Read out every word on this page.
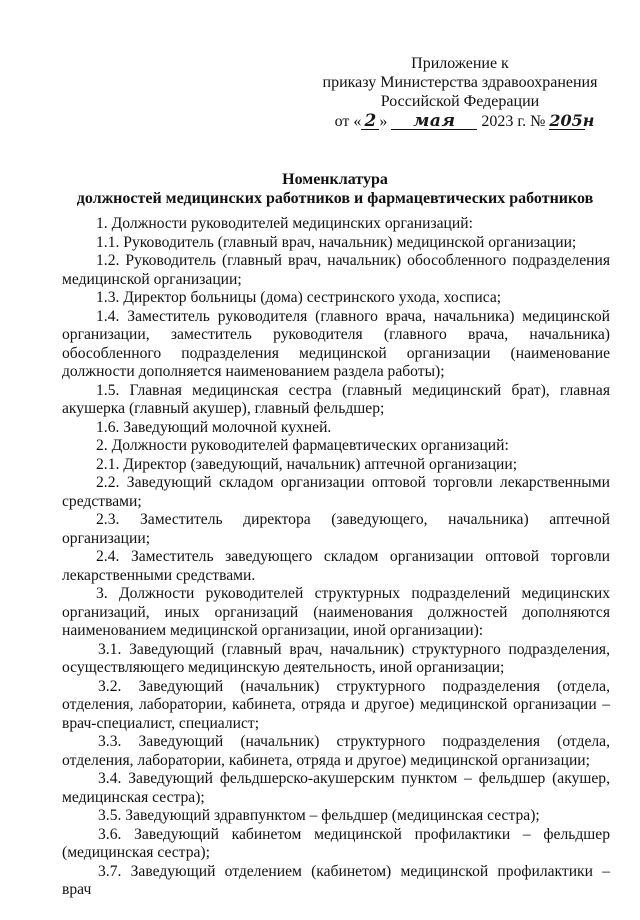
Приложение к
приказу Министерства здравоохранения
Российской Федерации
от « 2 » мая 2023 г. № 205н
Номенклатура
должностей медицинских работников и фармацевтических работников

1. Должности руководителей медицинских организаций:

1.1. Руководитель (главный врач, начальник) медицинской организации;

1.2. Руководитель (главный врач, начальник) обособленного подразделения медицинской организации;

1.3. Директор больницы (дома) сестринского ухода, хосписа;

1.4. Заместитель руководителя (главного врача, начальника) медицинской организации, заместитель руководителя (главного врача, начальника) обособленного подразделения медицинской организации (наименование должности дополняется наименованием раздела работы);

1.5. Главная медицинская сестра (главный медицинский брат), главная акушерка (главный акушер), главный фельдшер;

1.6. Заведующий молочной кухней.

2. Должности руководителей фармацевтических организаций:

2.1. Директор (заведующий, начальник) аптечной организации;

2.2. Заведующий складом организации оптовой торговли лекарственными средствами;

2.3. Заместитель директора (заведующего, начальника) аптечной организации;

2.4. Заместитель заведующего складом организации оптовой торговли лекарственными средствами.

3. Должности руководителей структурных подразделений медицинских организаций, иных организаций (наименования должностей дополняются наименованием медицинской организации, иной организации):

3.1. Заведующий (главный врач, начальник) структурного подразделения, осуществляющего медицинскую деятельность, иной организации;

3.2. Заведующий (начальник) структурного подразделения (отдела, отделения, лаборатории, кабинета, отряда и другое) медицинской организации – врач-специалист, специалист;

3.3. Заведующий (начальник) структурного подразделения (отдела, отделения, лаборатории, кабинета, отряда и другое) медицинской организации;

3.4. Заведующий фельдшерско-акушерским пунктом – фельдшер (акушер, медицинская сестра);

3.5. Заведующий здравпунктом – фельдшер (медицинская сестра);

3.6. Заведующий кабинетом медицинской профилактики – фельдшер (медицинская сестра);

3.7. Заведующий отделением (кабинетом) медицинской профилактики – врач
